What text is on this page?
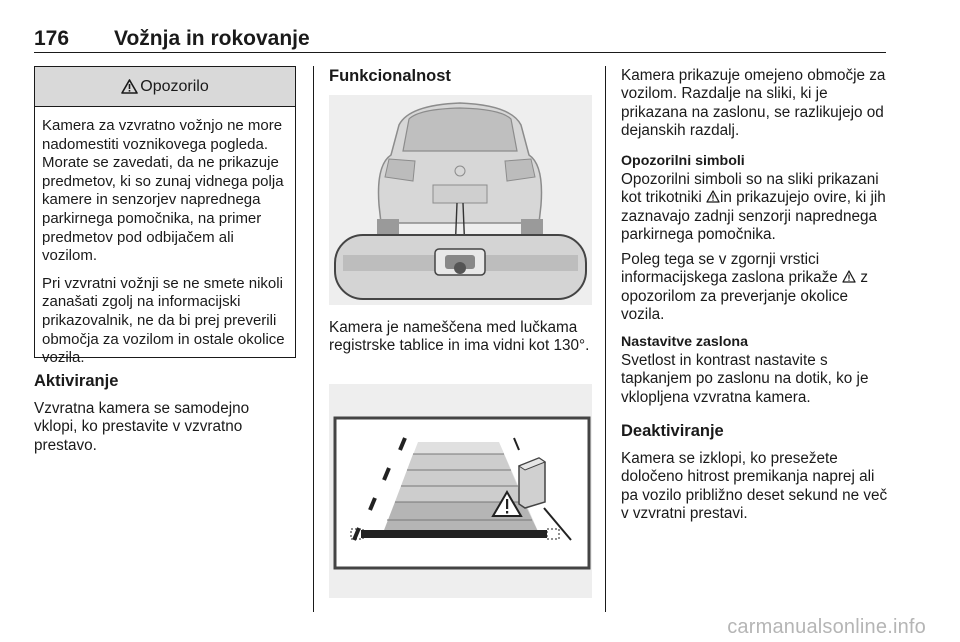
176 Vožnja in rokovanje
Opozorilo

Kamera za vzvratno vožnjo ne more nadomestiti voznikovega pogleda. Morate se zavedati, da ne prikazuje predmetov, ki so zunaj vidnega polja kamere in senzorjev naprednega parkirnega pomočnika, na primer predmetov pod odbijačem ali vozilom.

Pri vzvratni vožnji se ne smete nikoli zanašati zgolj na informacijski prikazovalnik, ne da bi prej preverili območja za vozilom in ostale okolice vozila.

Aktiviranje
Vzvratna kamera se samodejno vklopi, ko prestavite v vzvratno prestavo.
Funkcionalnost
Kamera je nameščena med lučkama registrske tablice in ima vidni kot 130°.
Kamera prikazuje omejeno območje za vozilom. Razdalje na sliki, ki je prikazana na zaslonu, se razlikujejo od dejanskih razdalj.
Opozorilni simboli
Opozorilni simboli so na sliki prikazani kot trikotniki in prikazujejo ovire, ki jih zaznavajo zadnji senzorji naprednega parkirnega pomočnika.
Poleg tega se v zgornji vrstici informacijskega zaslona prikaže z opozorilom za preverjanje okolice vozila.
Nastavitve zaslona
Svetlost in kontrast nastavite s tapkanjem po zaslonu na dotik, ko je vklopljena vzvratna kamera.
Deaktiviranje
Kamera se izklopi, ko presežete določeno hitrost premikanja naprej ali pa vozilo približno deset sekund ne več v vzvratni prestavi.
carmanualsonline.info
